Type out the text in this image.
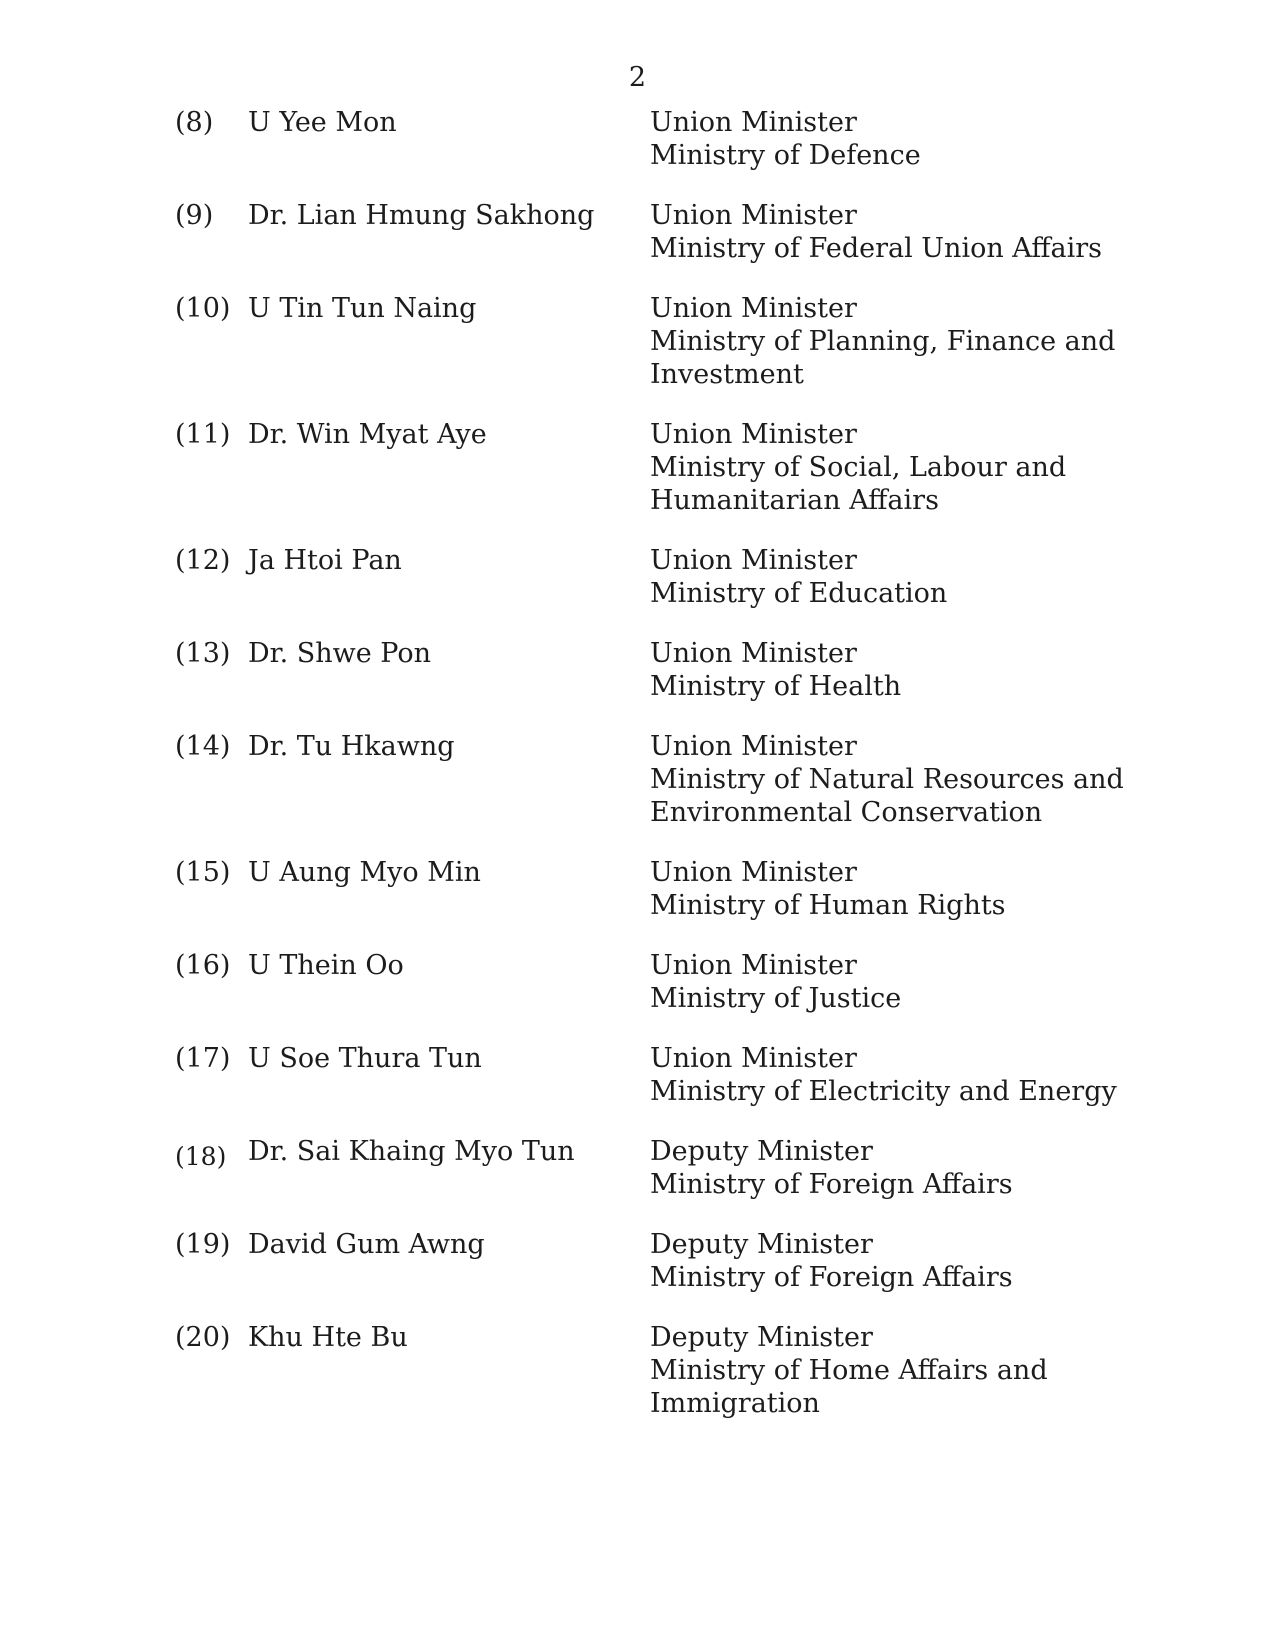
2
(8)	U Yee Mon	Union Minister
Ministry of Defence
(9)	Dr. Lian Hmung Sakhong	Union Minister
Ministry of Federal Union Affairs
(10) U Tin Tun Naing	Union Minister
Ministry of Planning, Finance and
Investment
(11) Dr. Win Myat Aye	Union Minister
Ministry of Social, Labour and
Humanitarian Affairs
(12) Ja Htoi Pan	Union Minister
Ministry of Education
(13) Dr. Shwe Pon	Union Minister
Ministry of Health
(14) Dr. Tu Hkawng	Union Minister
Ministry of Natural Resources and
Environmental Conservation
(15) U Aung Myo Min	Union Minister
Ministry of Human Rights
(16) U Thein Oo	Union Minister
Ministry of Justice
(17) U Soe Thura Tun	Union Minister
Ministry of Electricity and Energy
(18) Dr. Sai Khaing Myo Tun	Deputy Minister
Ministry of Foreign Affairs
(19) David Gum Awng	Deputy Minister
Ministry of Foreign Affairs
(20) Khu Hte Bu	Deputy Minister
Ministry of Home Affairs and
Immigration
